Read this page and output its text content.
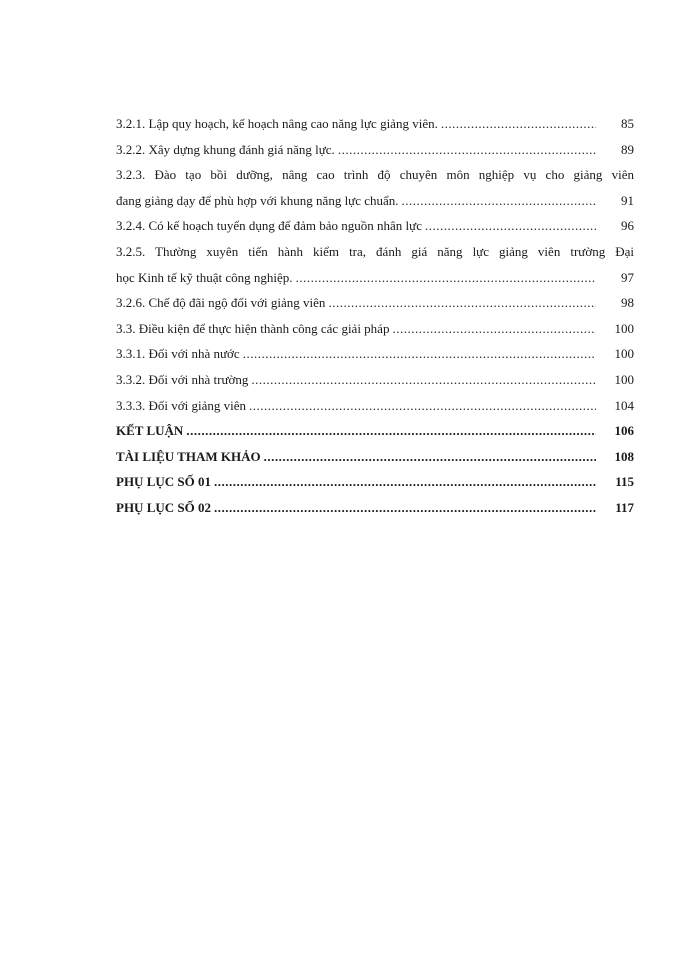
3.2.1. Lập quy hoạch, kế hoạch nâng cao năng lực giảng viên. .....	85
3.2.2. Xây dựng khung đánh giá năng lực. .....	89
3.2.3. Đào tạo bồi dưỡng, nâng cao trình độ chuyên môn nghiệp vụ cho giảng viên
đang giảng dạy để phù hợp với khung năng lực chuẩn. .....	91
3.2.4. Có kế hoạch tuyển dụng để đảm bảo nguồn nhân lực .....	96
3.2.5. Thường xuyên tiến hành kiểm tra, đánh giá năng lực giảng viên trường Đại
học Kinh tế kỹ thuật công nghiệp. .....	97
3.2.6. Chế độ đãi ngộ đối với giảng viên .....	98
3.3. Điều kiện để thực hiện thành công các giải pháp .....	100
3.3.1. Đối với nhà nước .....	100
3.3.2. Đối với nhà trường .....	100
3.3.3. Đối với giảng viên .....	104
KẾT LUẬN .....	106
TÀI LIỆU THAM KHẢO .....	108
PHỤ LỤC SỐ 01 .....	115
PHỤ LỤC SỐ 02 .....	117
